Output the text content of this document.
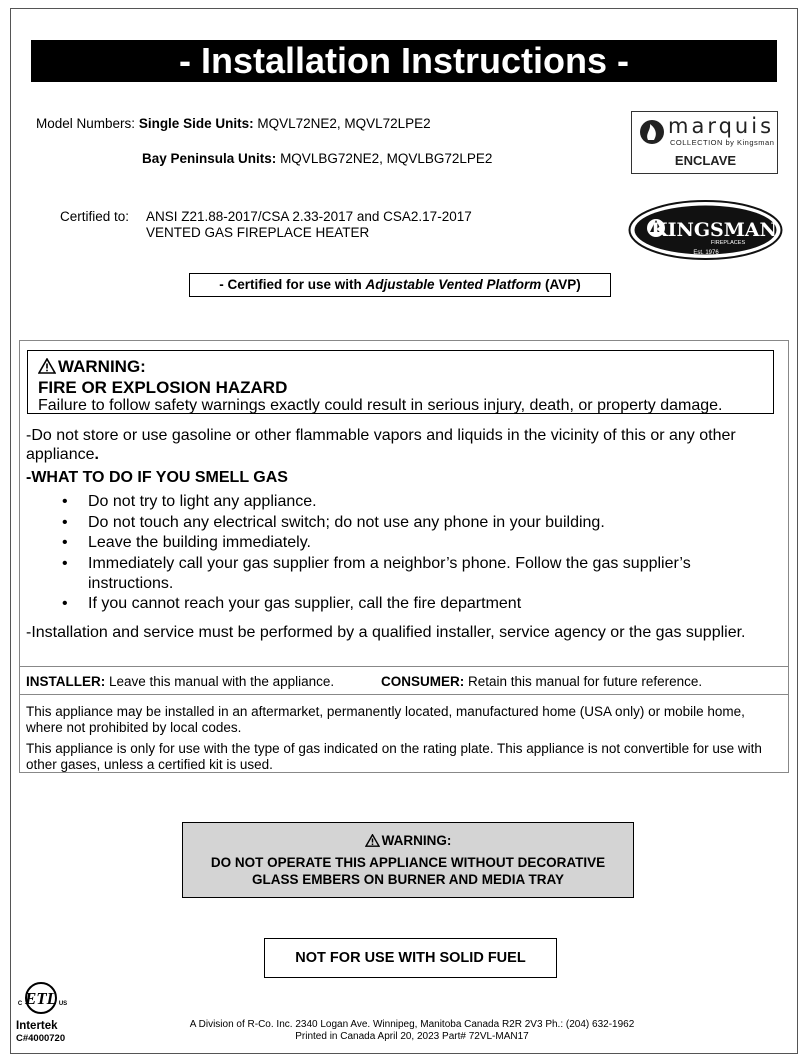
- Installation Instructions -
Model Numbers: Single Side Units: MQVL72NE2, MQVL72LPE2
Bay Peninsula Units: MQVLBG72NE2, MQVLBG72LPE2
Certified to: ANSI Z21.88-2017/CSA 2.33-2017 and CSA2.17-2017
VENTED GAS FIREPLACE HEATER
marquis
COLLECTION by Kingsman
ENCLAVE
KINGSMAN
FIREPLACES
Est. 1976
- Certified for use with Adjustable Vented Platform (AVP)
WARNING:
FIRE OR EXPLOSION HAZARD
Failure to follow safety warnings exactly could result in serious injury, death, or property damage.
-Do not store or use gasoline or other flammable vapors and liquids in the vicinity of this or any other appliance.
-WHAT TO DO IF YOU SMELL GAS
• Do not try to light any appliance.
• Do not touch any electrical switch; do not use any phone in your building.
• Leave the building immediately.
• Immediately call your gas supplier from a neighbor’s phone. Follow the gas supplier’s instructions.
• If you cannot reach your gas supplier, call the fire department
-Installation and service must be performed by a qualified installer, service agency or the gas supplier.
INSTALLER: Leave this manual with the appliance.	CONSUMER: Retain this manual for future reference.
This appliance may be installed in an aftermarket, permanently located, manufactured home (USA only) or mobile home, where not prohibited by local codes.
This appliance is only for use with the type of gas indicated on the rating plate. This appliance is not convertible for use with other gases, unless a certified kit is used.
WARNING:
DO NOT OPERATE THIS APPLIANCE WITHOUT DECORATIVE
GLASS EMBERS ON BURNER AND MEDIA TRAY
NOT FOR USE WITH SOLID FUEL
ETL
C	US
Intertek
C#4000720
A Division of R-Co. Inc. 2340 Logan Ave. Winnipeg, Manitoba Canada R2R 2V3 Ph.: (204) 632-1962
Printed in Canada April 20, 2023 Part# 72VL-MAN17
